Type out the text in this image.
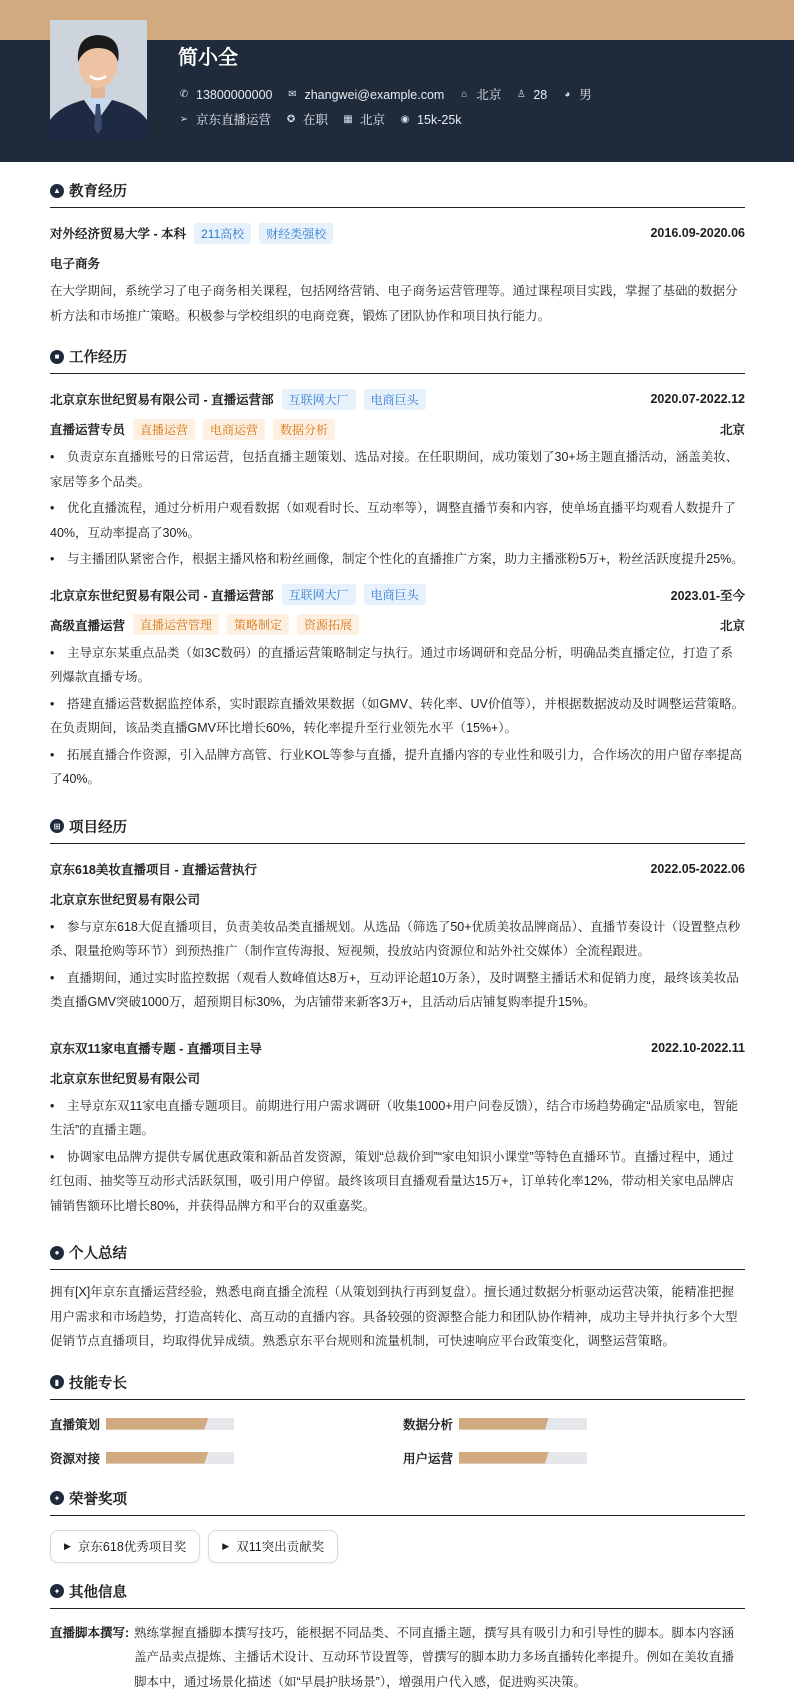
简小全
✆ 13800000000 ✉ zhangwei@example.com ⌂ 北京 ♙ 28 ◕ 男
➢ 京东直播运营 ✪ 在职 ▦ 北京 ◉ 15k-25k
▲ 教育经历
对外经济贸易大学 - 本科	211高校	财经类强校	2016.09-2020.06
电子商务

在大学期间，系统学习了电子商务相关课程，包括网络营销、电子商务运营管理等。通过课程项目实践，掌握了基础的数据分析方法和市场推广策略。积极参与学校组织的电商竞赛，锻炼了团队协作和项目执行能力。

■ 工作经历
北京京东世纪贸易有限公司 - 直播运营部	互联网大厂	电商巨头	2020.07-2022.12
直播运营专员	直播运营	电商运营	数据分析	北京
• 负责京东直播账号的日常运营，包括直播主题策划、选品对接。在任职期间，成功策划了30+场主题直播活动，涵盖美妆、家居等多个品类。
• 优化直播流程，通过分析用户观看数据（如观看时长、互动率等），调整直播节奏和内容，使单场直播平均观看人数提升了40%，互动率提高了30%。
• 与主播团队紧密合作，根据主播风格和粉丝画像，制定个性化的直播推广方案，助力主播涨粉5万+，粉丝活跃度提升25%。
北京京东世纪贸易有限公司 - 直播运营部	互联网大厂	电商巨头	2023.01-至今
高级直播运营	直播运营管理	策略制定	资源拓展	北京
• 主导京东某重点品类（如3C数码）的直播运营策略制定与执行。通过市场调研和竞品分析，明确品类直播定位，打造了系列爆款直播专场。
• 搭建直播运营数据监控体系，实时跟踪直播效果数据（如GMV、转化率、UV价值等），并根据数据波动及时调整运营策略。在负责期间，该品类直播GMV环比增长60%，转化率提升至行业领先水平（15%+）。
• 拓展直播合作资源，引入品牌方高管、行业KOL等参与直播，提升直播内容的专业性和吸引力，合作场次的用户留存率提高了40%。
⊞ 项目经历
京东618美妆直播项目 - 直播运营执行	2022.05-2022.06
北京京东世纪贸易有限公司
• 参与京东618大促直播项目，负责美妆品类直播规划。从选品（筛选了50+优质美妆品牌商品）、直播节奏设计（设置整点秒杀、限量抢购等环节）到预热推广（制作宣传海报、短视频，投放站内资源位和站外社交媒体）全流程跟进。
• 直播期间，通过实时监控数据（观看人数峰值达8万+，互动评论超10万条），及时调整主播话术和促销力度，最终该美妆品类直播GMV突破1000万，超预期目标30%，为店铺带来新客3万+，且活动后店铺复购率提升15%。
京东双11家电直播专题 - 直播项目主导	2022.10-2022.11
北京京东世纪贸易有限公司
• 主导京东双11家电直播专题项目。前期进行用户需求调研（收集1000+用户问卷反馈），结合市场趋势确定“品质家电，智能生活”的直播主题。
• 协调家电品牌方提供专属优惠政策和新品首发资源，策划“总裁价到”“家电知识小课堂”等特色直播环节。直播过程中，通过红包雨、抽奖等互动形式活跃氛围，吸引用户停留。最终该项目直播观看量达15万+，订单转化率12%，带动相关家电品牌店铺销售额环比增长80%，并获得品牌方和平台的双重嘉奖。
● 个人总结

拥有[X]年京东直播运营经验，熟悉电商直播全流程（从策划到执行再到复盘）。擅长通过数据分析驱动运营决策，能精准把握用户需求和市场趋势，打造高转化、高互动的直播内容。具备较强的资源整合能力和团队协作精神，成功主导并执行多个大型促销节点直播项目，均取得优异成绩。熟悉京东平台规则和流量机制，可快速响应平台政策变化，调整运营策略。

▮ 技能专长
直播策划	数据分析
资源对接	用户运营
✦ 荣誉奖项
▶ 京东618优秀项目奖	▶ 双11突出贡献奖
✦ 其他信息
直播脚本撰写: 熟练掌握直播脚本撰写技巧，能根据不同品类、不同直播主题，撰写具有吸引力和引导性的脚本。脚本内容涵盖产品卖点提炼、主播话术设计、互动环节设置等，曾撰写的脚本助力多场直播转化率提升。例如在美妆直播脚本中，通过场景化描述（如“早晨护肤场景”），增强用户代入感，促进购买决策。
